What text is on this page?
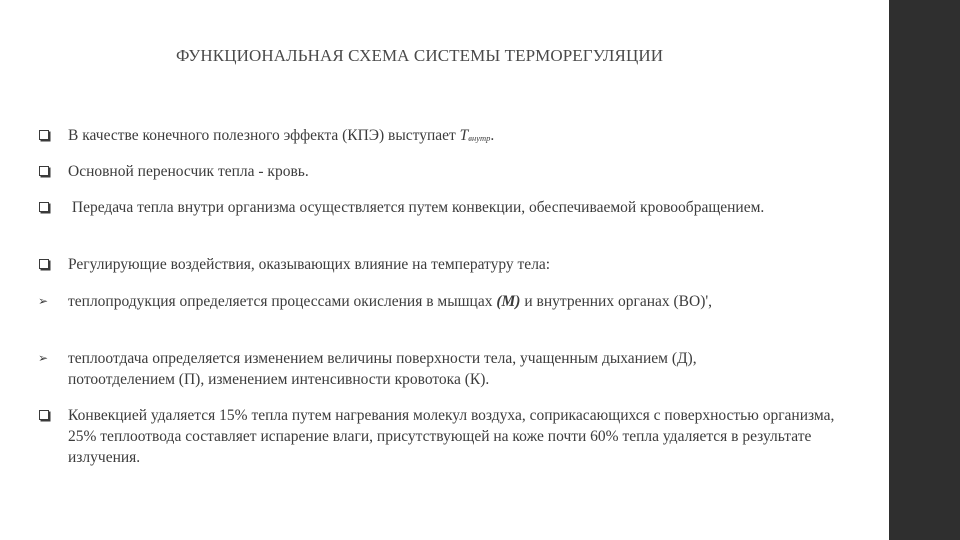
ФУНКЦИОНАЛЬНАЯ СХЕМА СИСТЕМЫ ТЕРМОРЕГУЛЯЦИИ
В качестве конечного полезного эффекта (КПЭ) выступает Tвнутр.
Основной переносчик тепла - кровь.
Передача тепла внутри организма осуществляется путем конвекции, обеспечиваемой кровообращением.
Регулирующие воздействия, оказывающих влияние на температуру тела:
➢ теплопродукция определяется процессами окисления в мышцах (М) и внутренних органах (ВО)',
➢ теплоотдача определяется изменением величины поверхности тела, учащенным дыханием (Д), потоотделением (П), изменением интенсивности кровотока (К).
Конвекцией удаляется 15% тепла путем нагревания молекул воздуха, соприкасающихся с поверхностью организма, 25% теплоотвода составляет испарение влаги, присутствующей на коже почти 60% тепла удаляется в результате излучения.
